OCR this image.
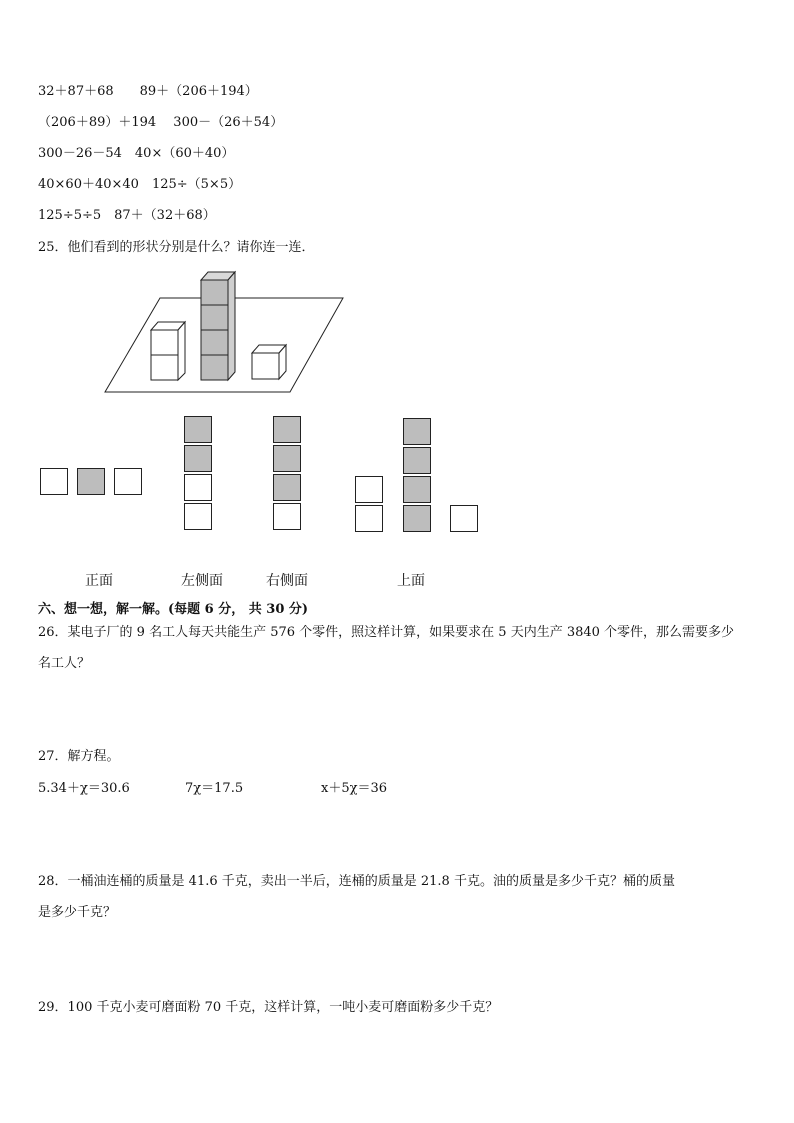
32＋87＋68　　89＋（206＋194）
（206＋89）＋194　 300－（26＋54）
300－26－54　40×（60＋40）
40×60＋40×40　125÷（5×5）
125÷5÷5　87＋（32＋68）
25．他们看到的形状分别是什么？请你连一连．
正面	左侧面	右侧面	上面
六、想一想，解一解。(每题 6 分， 共 30 分)
26．某电子厂的 9 名工人每天共能生产 576 个零件，照这样计算，如果要求在 5 天内生产 3840 个零件，那么需要多少
名工人？
27．解方程。
5.34＋χ＝30.6	7χ＝17.5	x＋5χ＝36
28．一桶油连桶的质量是 41.6 千克，卖出一半后，连桶的质量是 21.8 千克。油的质量是多少千克？桶的质量
是多少千克？
29．100 千克小麦可磨面粉 70 千克，这样计算，一吨小麦可磨面粉多少千克？
